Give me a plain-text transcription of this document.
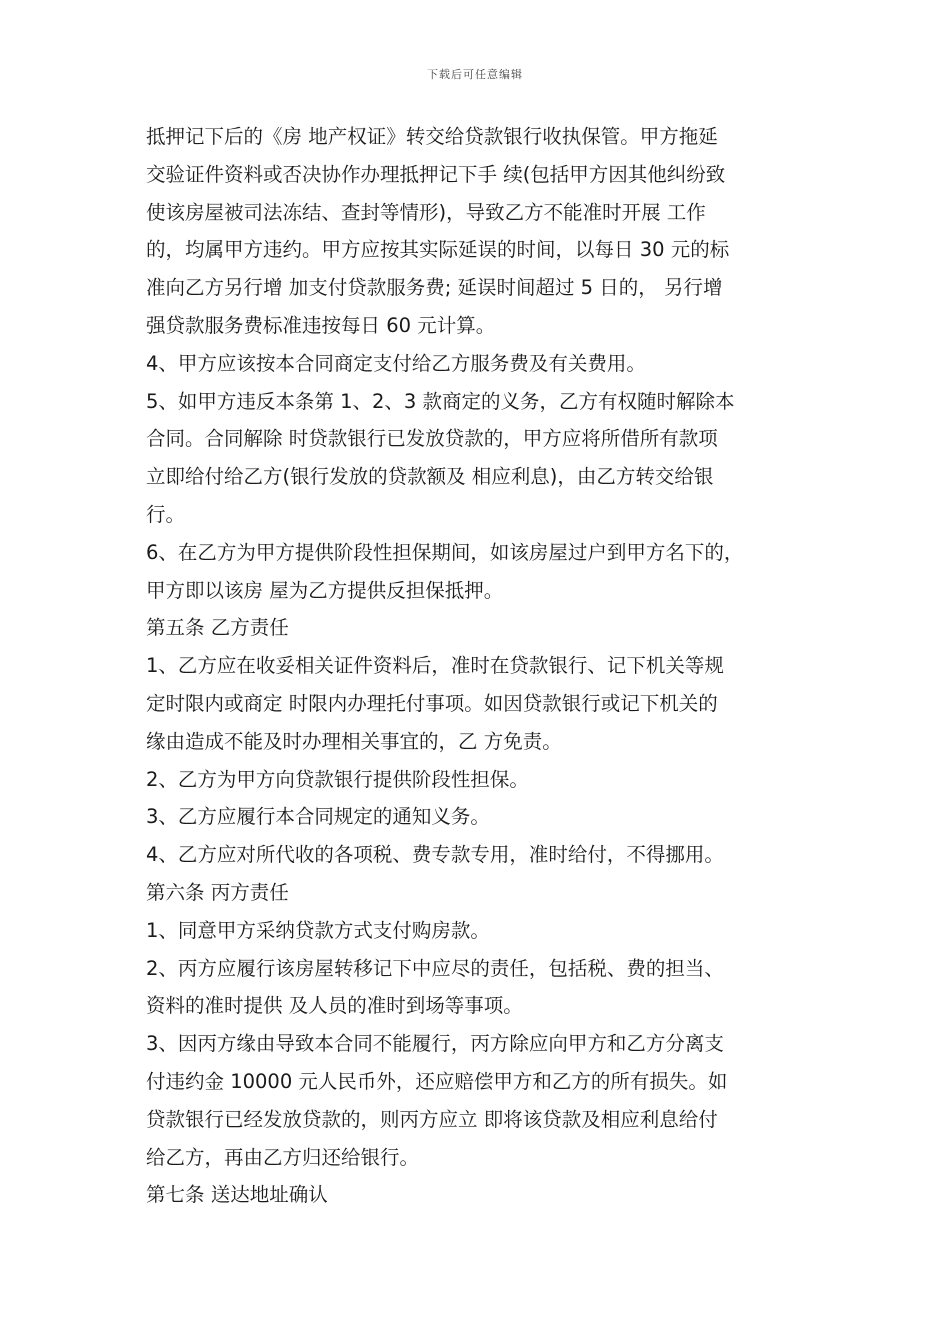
下载后可任意编辑
抵押记下后的《房 地产权证》转交给贷款银行收执保管。甲方拖延
交验证件资料或否决协作办理抵押记下手 续(包括甲方因其他纠纷致
使该房屋被司法冻结、查封等情形)，导致乙方不能准时开展 工作
的，均属甲方违约。甲方应按其实际延误的时间，以每日 30 元的标
准向乙方另行增 加支付贷款服务费; 延误时间超过 5 日的， 另行增
强贷款服务费标准违按每日 60 元计算。
4、甲方应该按本合同商定支付给乙方服务费及有关费用。
5、如甲方违反本条第 1、2、3 款商定的义务，乙方有权随时解除本
合同。合同解除 时贷款银行已发放贷款的，甲方应将所借所有款项
立即给付给乙方(银行发放的贷款额及 相应利息)，由乙方转交给银
行。
6、在乙方为甲方提供阶段性担保期间，如该房屋过户到甲方名下的，
甲方即以该房 屋为乙方提供反担保抵押。
第五条 乙方责任
1、乙方应在收妥相关证件资料后，准时在贷款银行、记下机关等规
定时限内或商定 时限内办理托付事项。如因贷款银行或记下机关的
缘由造成不能及时办理相关事宜的，乙 方免责。
2、乙方为甲方向贷款银行提供阶段性担保。
3、乙方应履行本合同规定的通知义务。
4、乙方应对所代收的各项税、费专款专用，准时给付，不得挪用。
第六条 丙方责任
1、同意甲方采纳贷款方式支付购房款。
2、丙方应履行该房屋转移记下中应尽的责任，包括税、费的担当、
资料的准时提供 及人员的准时到场等事项。
3、因丙方缘由导致本合同不能履行，丙方除应向甲方和乙方分离支
付违约金 10000 元人民币外，还应赔偿甲方和乙方的所有损失。如
贷款银行已经发放贷款的，则丙方应立 即将该贷款及相应利息给付
给乙方，再由乙方归还给银行。
第七条 送达地址确认
